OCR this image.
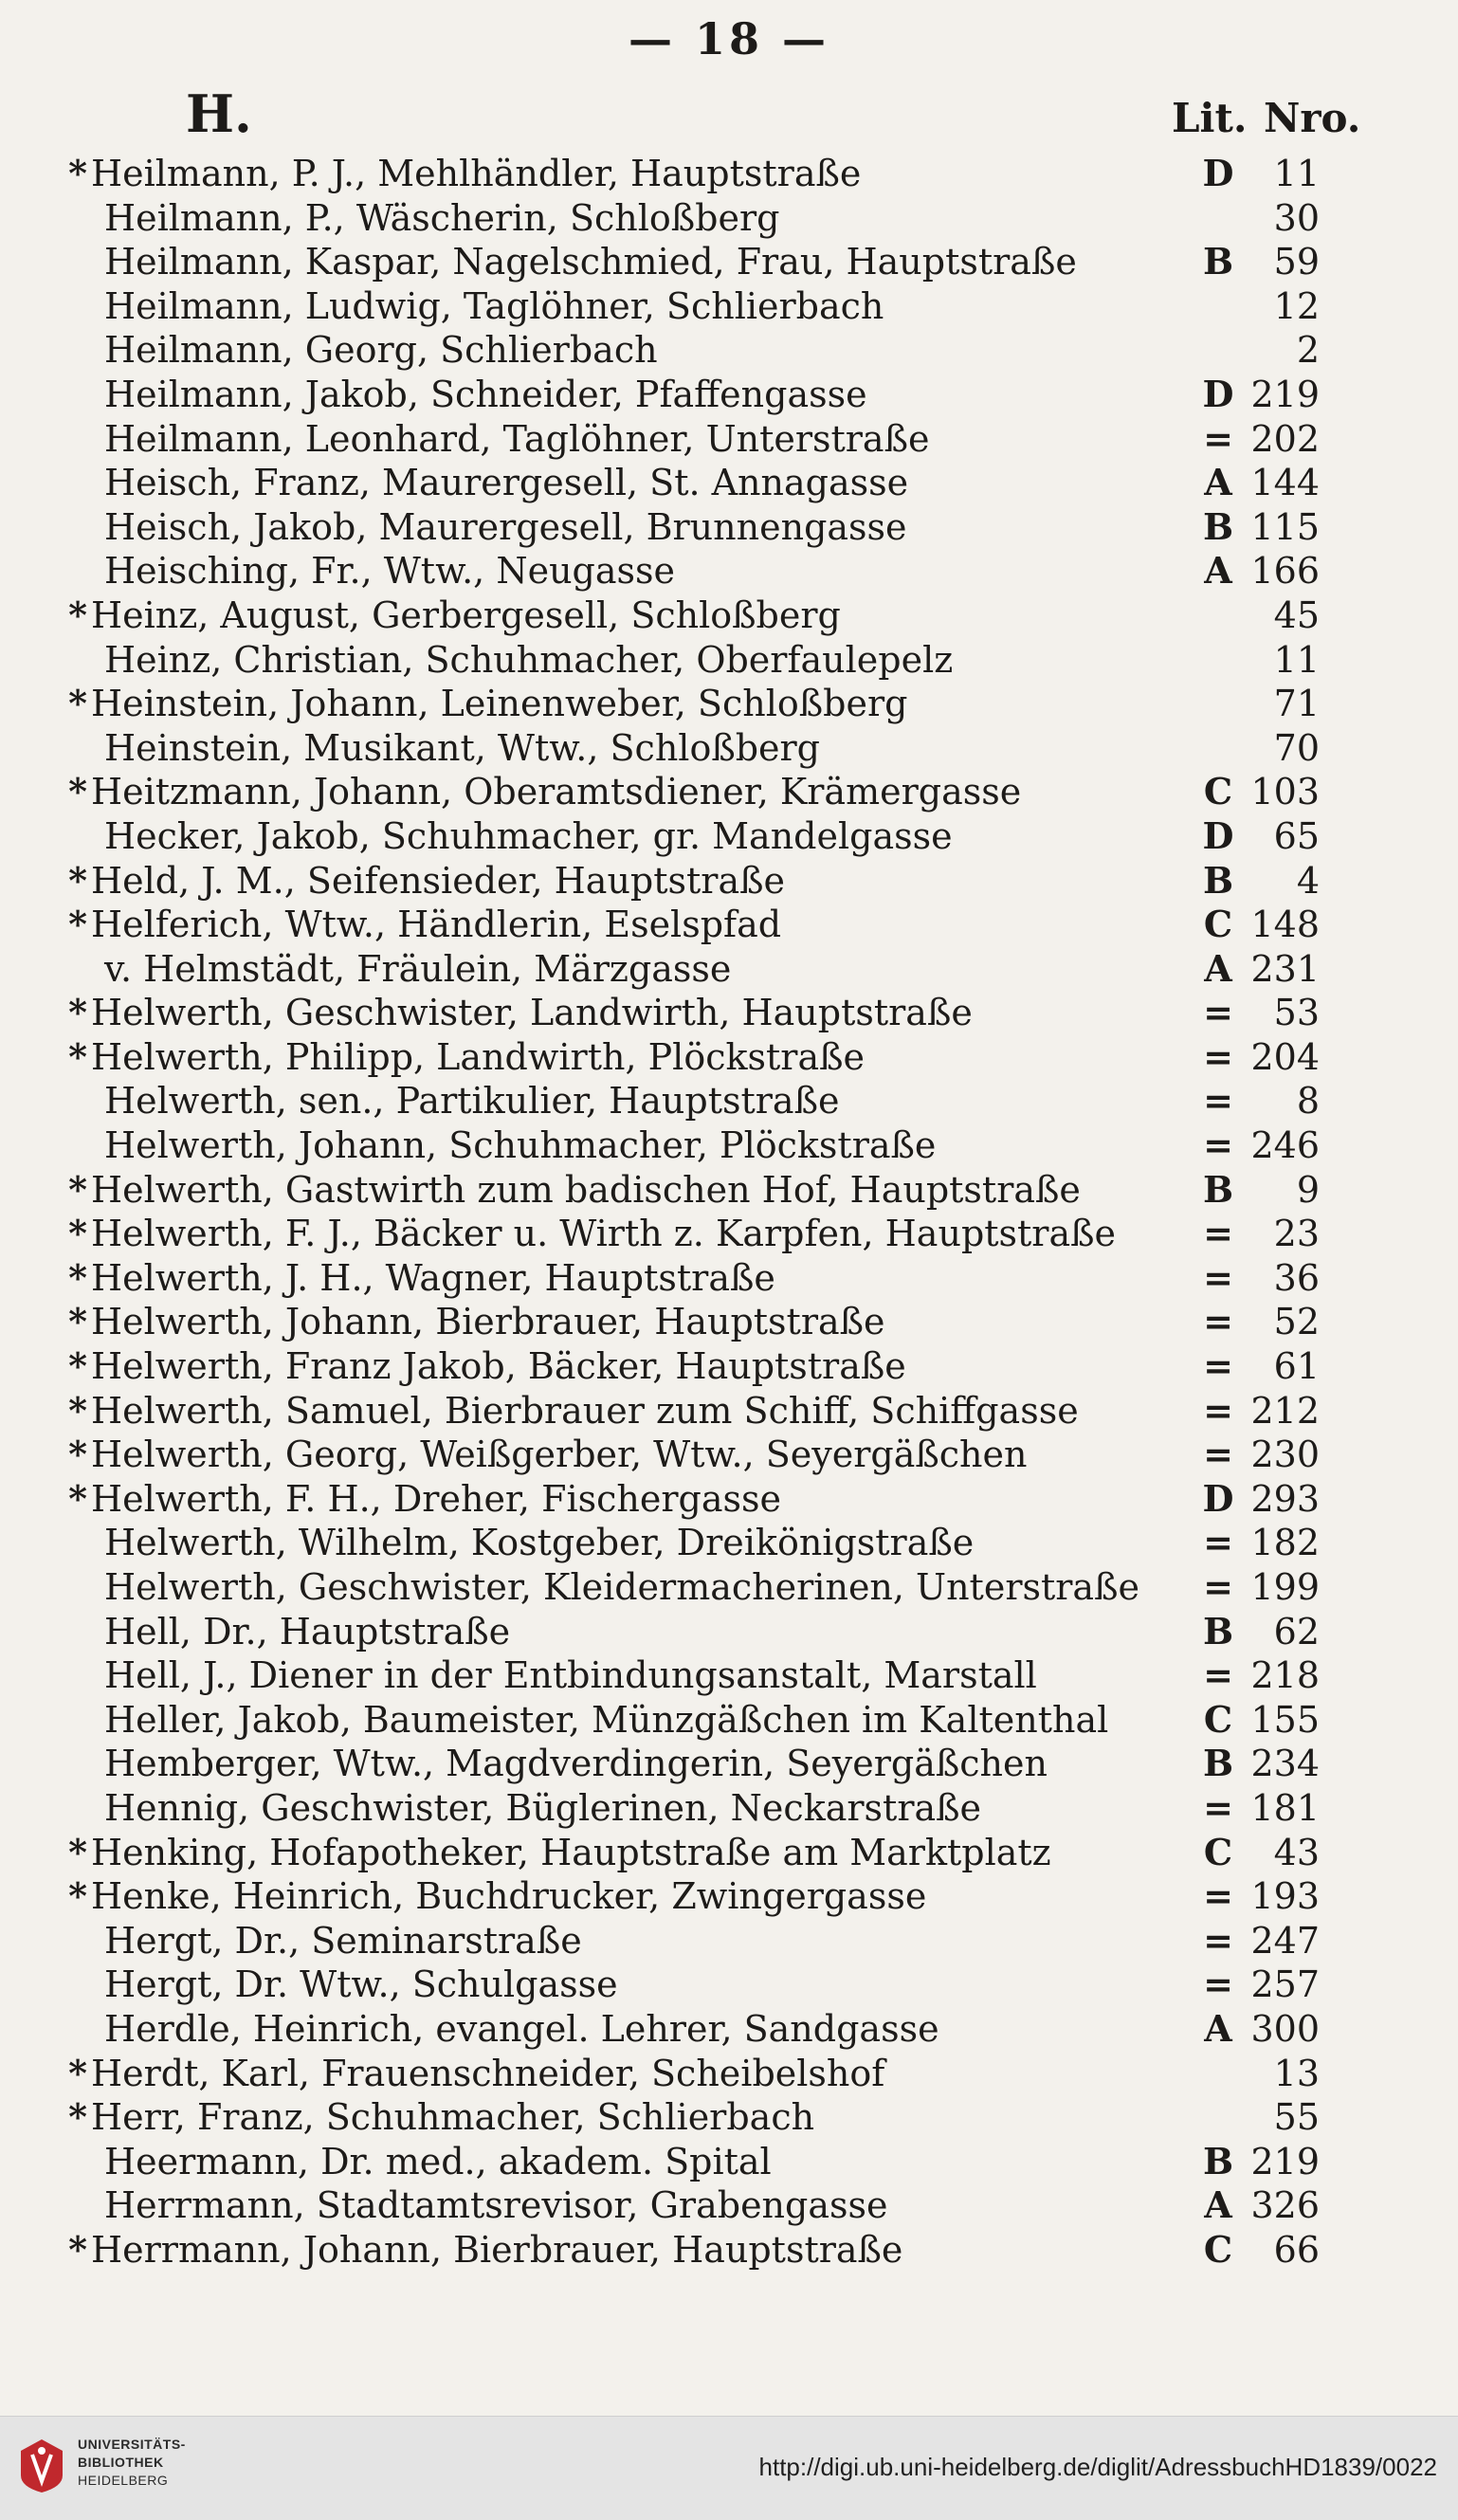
— 18 —
H.	Lit. Nro.
* Heilmann, P. J., Mehlhändler, Hauptstraße	D	11
Heilmann, P., Wäscherin, Schloßberg	30
Heilmann, Kaspar, Nagelschmied, Frau, Hauptstraße	B	59
Heilmann, Ludwig, Taglöhner, Schlierbach	12
Heilmann, Georg, Schlierbach	2
Heilmann, Jakob, Schneider, Pfaffengasse	D 219
Heilmann, Leonhard, Taglöhner, Unterstraße	= 202
Heisch, Franz, Maurergesell, St. Annagasse	A 144
Heisch, Jakob, Maurergesell, Brunnengasse	B 115
Heisching, Fr., Wtw., Neugasse	A 166
* Heinz, August, Gerbergesell, Schloßberg	45
Heinz, Christian, Schuhmacher, Oberfaulepelz	11
* Heinstein, Johann, Leinenweber, Schloßberg	71
Heinstein, Musikant, Wtw., Schloßberg	70
* Heitzmann, Johann, Oberamtsdiener, Krämergasse	C 103
Hecker, Jakob, Schuhmacher, gr. Mandelgasse	D	65
* Held, J. M., Seifensieder, Hauptstraße	B	4
* Helferich, Wtw., Händlerin, Eselspfad	C 148
v. Helmstädt, Fräulein, Märzgasse	A 231
* Helwerth, Geschwister, Landwirth, Hauptstraße	=	53
* Helwerth, Philipp, Landwirth, Plöckstraße	= 204
Helwerth, sen., Partikulier, Hauptstraße	=	8
Helwerth, Johann, Schuhmacher, Plöckstraße	= 246
* Helwerth, Gastwirth zum badischen Hof, Hauptstraße	B	9
* Helwerth, F. J., Bäcker u. Wirth z. Karpfen, Hauptstraße	=	23
* Helwerth, J. H., Wagner, Hauptstraße	=	36
* Helwerth, Johann, Bierbrauer, Hauptstraße	=	52
* Helwerth, Franz Jakob, Bäcker, Hauptstraße	=	61
* Helwerth, Samuel, Bierbrauer zum Schiff, Schiffgasse	= 212
* Helwerth, Georg, Weißgerber, Wtw., Seyergäßchen	= 230
* Helwerth, F. H., Dreher, Fischergasse	D 293
Helwerth, Wilhelm, Kostgeber, Dreikönigstraße	= 182
Helwerth, Geschwister, Kleidermacherinen, Unterstraße	= 199
Hell, Dr., Hauptstraße	B	62
Hell, J., Diener in der Entbindungsanstalt, Marstall	= 218
Heller, Jakob, Baumeister, Münzgäßchen im Kaltenthal	C 155
Hemberger, Wtw., Magdverdingerin, Seyergäßchen	B 234
Hennig, Geschwister, Büglerinen, Neckarstraße	= 181
* Henking, Hofapotheker, Hauptstraße am Marktplatz	C	43
* Henke, Heinrich, Buchdrucker, Zwingergasse	= 193
Hergt, Dr., Seminarstraße	= 247
Hergt, Dr. Wtw., Schulgasse	= 257
Herdle, Heinrich, evangel. Lehrer, Sandgasse	A 300
* Herdt, Karl, Frauenschneider, Scheibelshof	13
* Herr, Franz, Schuhmacher, Schlierbach	55
Heermann, Dr. med., akadem. Spital	B 219
Herrmann, Stadtamtsrevisor, Grabengasse	A 326
* Herrmann, Johann, Bierbrauer, Hauptstraße	C	66
UNIVERSITÄTS-
BIBLIOTHEK
HEIDELBERG	http://digi.ub.uni-heidelberg.de/diglit/AdressbuchHD1839/0022
